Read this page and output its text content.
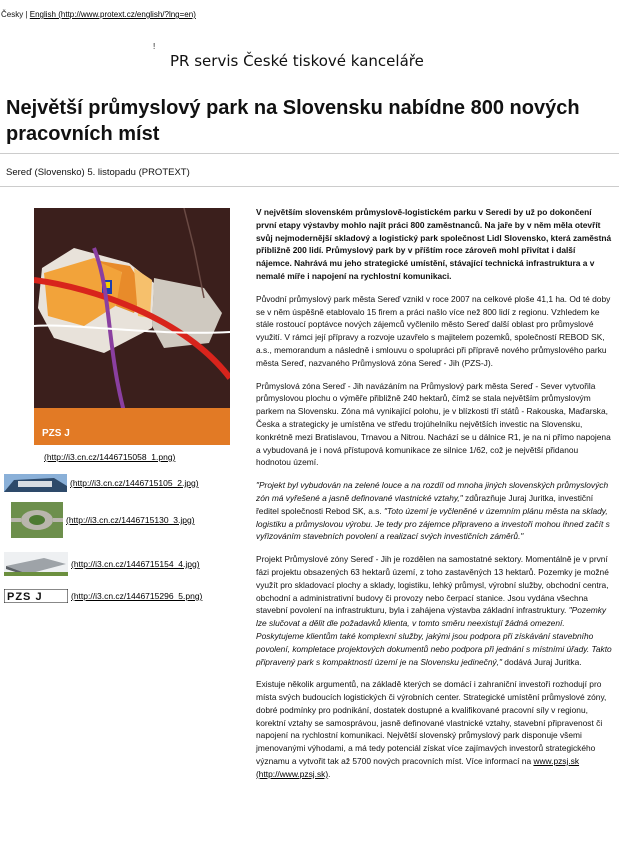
Česky | English (http://www.protext.cz/english/?lng=en)
!
PR servis České tiskové kanceláře
Největší průmyslový park na Slovensku nabídne 800 nových pracovních míst
Sereď (Slovensko) 5. listopadu (PROTEXT)
PZS J
(http://i3.cn.cz/1446715058_1.png)
(http://i3.cn.cz/1446715105_2.jpg)
(http://i3.cn.cz/1446715130_3.jpg)
(http://i3.cn.cz/1446715154_4.jpg)
PZS J	(http://i3.cn.cz/1446715296_5.png)

V největším slovenském průmyslově-logistickém parku v Seredi by už po dokončení první etapy výstavby mohlo najít práci 800 zaměstnanců. Na jaře by v něm měla otevřít svůj nejmodernější skladový a logistický park společnost Lidl Slovensko, která zaměstná přibližně 200 lidí. Průmyslový park by v příštím roce zároveň mohl přivítat i další nájemce. Nahrává mu jeho strategické umístění, stávající technická infrastruktura a v nemalé míře i napojení na rychlostní komunikaci.

Původní průmyslový park města Sereď vznikl v roce 2007 na celkové ploše 41,1 ha. Od té doby se v něm úspěšně etablovalo 15 firem a práci našlo více než 800 lidí z regionu. Vzhledem ke stále rostoucí poptávce nových zájemců vyčlenilo město Sereď další oblast pro průmyslové využití. V rámci její přípravy a rozvoje uzavřelo s majitelem pozemků, společností REBOD SK, a.s., memorandum a následně i smlouvu o spolupráci při přípravě nového průmyslového parku města Sereď, nazvaného Průmyslová zóna Sereď - Jih (PZS-J).

Průmyslová zóna Sereď - Jih navázáním na Průmyslový park města Sereď - Sever vytvořila průmyslovou plochu o výměře přibližně 240 hektarů, čímž se stala největším průmyslovým parkem na Slovensku. Zóna má vynikající polohu, je v blízkosti tří států - Rakouska, Maďarska, Česka a strategicky je umístěna ve středu trojúhelníku největších investic na Slovensku, konkrétně mezi Bratislavou, Trnavou a Nitrou. Nachází se u dálnice R1, je na ni přímo napojena a vybudovaná je i nová přístupová komunikace ze silnice 1/62, což je největší přidanou hodnotou území.

"Projekt byl vybudován na zelené louce a na rozdíl od mnoha jiných slovenských průmyslových zón má vyřešené a jasně definované vlastnické vztahy," zdůrazňuje Juraj Juritka, investiční ředitel společnosti Rebod SK, a.s. "Toto území je vyčleněné v územním plánu města na sklady, logistiku a průmyslovou výrobu. Je tedy pro zájemce připraveno a investoři mohou ihned začít s vyřizováním stavebních povolení a realizací svých investičních záměrů."

Projekt Průmyslové zóny Sereď - Jih je rozdělen na samostatné sektory. Momentálně je v první fázi projektu obsazených 63 hektarů území, z toho zastavěných 13 hektarů. Pozemky je možné využít pro skladovací plochy a sklady, logistiku, lehký průmysl, výrobní služby, obchodní centra, obchodní a administrativní budovy či provozy nebo čerpací stanice. Jsou vydána všechna stavební povolení na infrastrukturu, byla i zahájena výstavba základní infrastruktury. "Pozemky lze slučovat a dělit dle požadavků klienta, v tomto směru neexistují žádná omezení. Poskytujeme klientům také komplexní služby, jakými jsou podpora při získávání stavebního povolení, kompletace projektových dokumentů nebo podpora při jednání s místními úřady. Takto připravený park s kompaktností území je na Slovensku jedinečný," dodává Juraj Juritka.

Existuje několik argumentů, na základě kterých se domácí i zahraniční investoři rozhodují pro místa svých budoucích logistických či výrobních center. Strategické umístění průmyslové zóny, dobré podmínky pro podnikání, dostatek dostupné a kvalifikované pracovní síly v regionu, korektní vztahy se samosprávou, jasně definované vlastnické vztahy, stavební připravenost či napojení na rychlostní komunikaci. Největší slovenský průmyslový park disponuje všemi jmenovanými výhodami, a má tedy potenciál získat více zajímavých investorů strategického významu a vytvořit tak až 5700 nových pracovních míst. Více informací na www.pzsj.sk (http://www.pzsj.sk).
